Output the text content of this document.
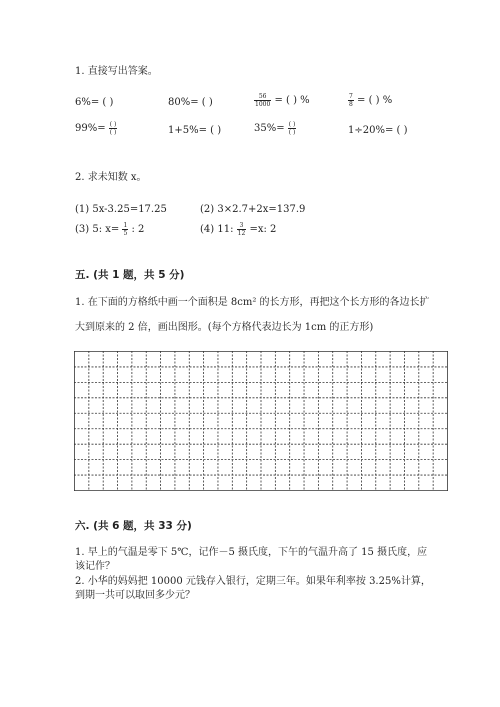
1. 直接写出答案。
6%= ( )	80%= ( )	$\frac{56}{1000}$ = ( ) %	$\frac{7}{8}$ = ( ) %
$99\%= \frac{( )}{( )}$	1+5%= ( )	$35\%= \frac{( )}{( )}$	1÷20%= ( )
2. 求未知数 x。
(1) 5x-3.25=17.25	(2) 3×2.7+2x=137.9
(3) 5: $x= \frac{1}{5}$ : 2	(4) 11: $\frac{3}{12} =x$: 2
五. (共 1 题，共 5 分)
1. 在下面的方格纸中画一个面积是 8cm² 的长方形，再把这个长方形的各边长扩
大到原来的 2 倍，画出图形。(每个方格代表边长为 1cm 的正方形)
六. (共 6 题，共 33 分)
1. 早上的气温是零下 5℃，记作－5 摄氏度，下午的气温升高了 15 摄氏度，应
该记作？
2. 小华的妈妈把 10000 元钱存入银行，定期三年。如果年利率按 3.25%计算，
到期一共可以取回多少元？
